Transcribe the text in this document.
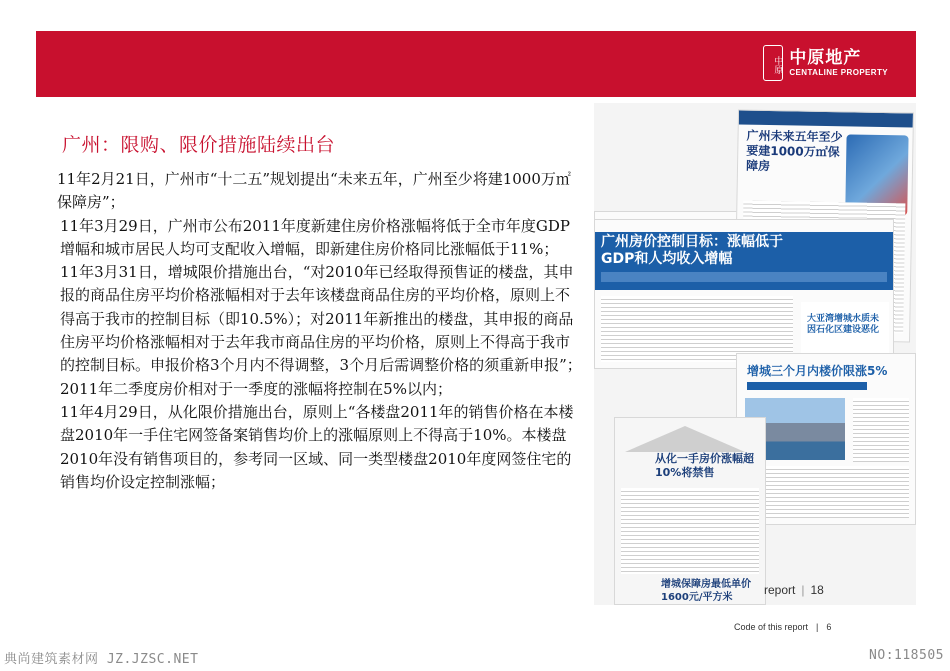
中原 中原地产
CENTALINE PROPERTY
广州：限购、限价措施陆续出台

11年2月21日，广州市“十二五”规划提出“未来五年，广州至少将建1000万㎡保障房”；

11年3月29日，广州市公布2011年度新建住房价格涨幅将低于全市年度GDP增幅和城市居民人均可支配收入增幅，即新建住房价格同比涨幅低于11%；

11年3月31日，增城限价措施出台，“对2010年已经取得预售证的楼盘，其申报的商品住房平均价格涨幅相对于去年该楼盘商品住房的平均价格，原则上不得高于我市的控制目标（即10.5%）；对2011年新推出的楼盘，其申报的商品住房平均价格涨幅相对于去年我市商品住房的平均价格，原则上不得高于我市的控制目标。申报价格3个月内不得调整，3个月后需调整价格的须重新申报”；2011年二季度房价相对于一季度的涨幅将控制在5%以内；

11年4月29日，从化限价措施出台，原则上“各楼盘2011年的销售价格在本楼盘2010年一手住宅网签备案销售均价上的涨幅原则上不得高于10%。本楼盘2010年没有销售项目的，参考同一区域、同一类型楼盘2010年度网签住宅的销售均价设定控制涨幅；

广州未来五年至少要建1000万㎡保障房
广州房价控制目标：涨幅低于GDP和人均收入增幅
大亚湾增城水质未因石化区建设恶化
增城三个月内楼价限涨5%
从化一手房价涨幅超10%将禁售
增城保障房最低单价1600元/平方米
report | 18
Code of this report | 6
典尚建筑素材网 JZ.JZSC.NET	NO:118505
